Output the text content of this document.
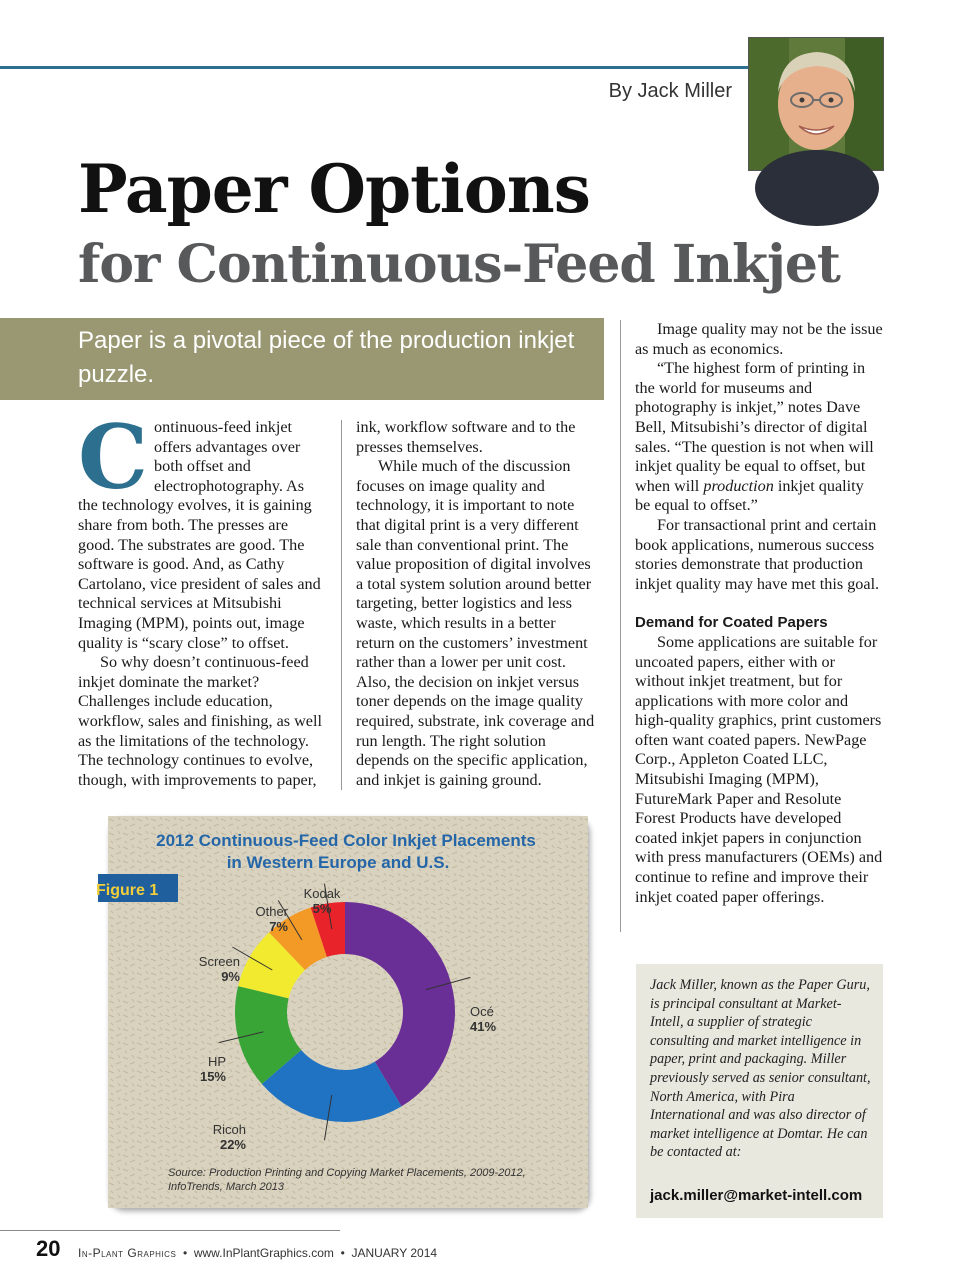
By Jack Miller
Paper Options
for Continuous-Feed Inkjet
Paper is a pivotal piece of the production inkjet puzzle.
C ontinuous-feed inkjet offers advantages over both offset and electrophotography. As the technology evolves, it is gaining share from both. The presses are good. The substrates are good. The software is good. And, as Cathy Cartolano, vice president of sales and technical services at Mitsubishi Imaging (MPM), points out, image quality is “scary close” to offset.

So why doesn’t continuous-feed inkjet dominate the market? Challenges include education, workflow, sales and finishing, as well as the limitations of the technology. The technology continues to evolve, though, with improvements to paper,

ink, workflow software and to the presses themselves.

While much of the discussion focuses on image quality and technology, it is important to note that digital print is a very different sale than conventional print. The value proposition of digital involves a total system solution around better targeting, better logistics and less waste, which results in a better return on the customers’ investment rather than a lower per unit cost. Also, the decision on inkjet versus toner depends on the image quality required, substrate, ink coverage and run length. The right solution depends on the specific application, and inkjet is gaining ground.

Image quality may not be the issue as much as economics.

“The highest form of printing in the world for museums and photography is inkjet,” notes Dave Bell, Mitsubishi’s director of digital sales. “The question is not when will inkjet quality be equal to offset, but when will production inkjet quality be equal to offset.”

For transactional print and certain book applications, numerous success stories demonstrate that production inkjet quality may have met this goal.

Demand for Coated Papers

Some applications are suitable for uncoated papers, either with or without inkjet treatment, but for applications with more color and high-quality graphics, print customers often want coated papers. NewPage Corp., Appleton Coated LLC, Mitsubishi Imaging (MPM), FutureMark Paper and Resolute Forest Products have developed coated inkjet papers in conjunction with press manufacturers (OEMs) and continue to refine and improve their inkjet coated paper offerings.

2012 Continuous-Feed Color Inkjet Placements
in Western Europe and U.S.
Figure 1
Océ
41%
Ricoh
22%
HP
15%
Screen
9%
Other
7%
Kodak
5%
Source: Production Printing and Copying Market Placements, 2009-2012,
InfoTrends, March 2013
Jack Miller, known as the Paper Guru, is principal consultant at Market-Intell, a supplier of strategic consulting and market intelligence in paper, print and packaging. Miller previously served as senior consultant, North America, with Pira International and was also director of market intelligence at Domtar. He can be contacted at:
jack.miller@market-intell.com
20 In-Plant Graphics • www.InPlantGraphics.com • JANUARY 2014
